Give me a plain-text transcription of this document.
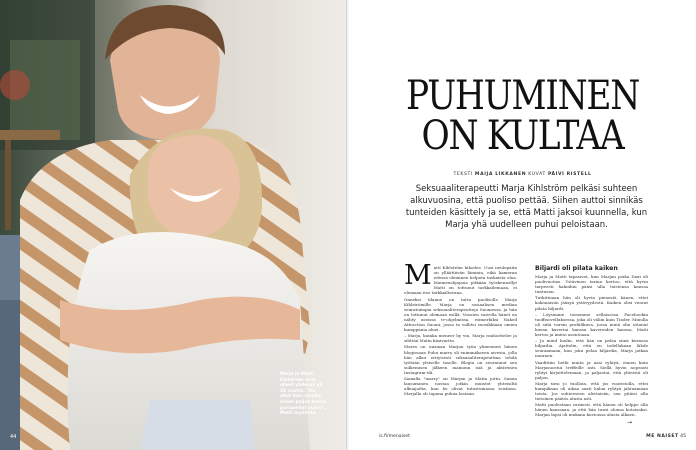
Marja ja Matti
Kihlström ovat
olleet yhdessä yli
10 vuotta. "On
ollut ihan sinulle,
miten paljon tuntui
puriaanhat vuoro",
Matti myöntää.
44
PUHUMINEN
ON KULTAA
TEKSTI MAIJA LIKKANEN KUVAT PÄIVI RISTELL
Seksuaaliterapeutti Marja Kihlström pelkäsi suhteen alkuvuosina, että puoliso pettää. Siihen auttoi sinnikäs tunteiden käsittely ja se, että Matti jaksoi kuunnella, kun Marja yhä uudelleen puhui peloistaan.
M atti Kihlström hikoilee. Uusi neulepaita on ylläättävän lämmin, eikä kameran edessä oleminen helpota tuskaista oloa. Maimeushjajana pitkään työskennellyt Matti on tottunut tarkkailemaan, ei olemaan itse tarkkailtavana.

Onneksi tilanne on tuttu puolisolle Marja Kihlströmille. Marja on sosiaalisen median seuratuimpia seksuaaliterapeutteja Suomessa, ja hän on tottunut olemaan esillä. Vuosien varrella hänet on nähty useissa tv-ohjelmissa, esimerkiksi Naked Attraction Suomi, jossa ta vallitsi suosikkiaan omien kumppania aluei.

– Marja, kuinka meneer hy vin, Marja rauhoittelee ja silittää Matin käsivartta.

Marra on uusiaan Marjan työn ylimenneä hänen blogissaan Puhu marry oli enimmäkseen aivesta, jolla hän alkoi erityisesti seksuaaliterapeuttina tehdä työtään yleiselle tasolle. Blogia on seurannut sen sulkemisen jälkeen mainonn isiä ja aktiivinen Instagram-tili.

Samalla "marry" on Marjan ja Matin juttu. Sanan lausuminen nostaa jotkin muistot yhteisiltä alkuajoilta, kun he olivat tutustumassa toisiinsa. Marjalla oli tapana puhua lastaan.

Biljardi oli pilata kaiken

Marja ja Matti tapasivat, kun Marjan poika Daxi oli puolivuotias. Ystävinen tarina kertoo, että hyvin tarpeesti hakuihin pääsi ulla toistensa kanssa tuntuvan.

Tutkittuaan hän oli hyvin pienestä hänen, ettei kokonaisiin jääsyä ystävyydestä. Kaiken olisi vuorat pilata biljardi.

– Löysimme toisemme sellaisessa Facebookin tuoffisovelluksessa, joka oli väliin kuin Tinder. Minulla oli siitä varsin profiilikuva, jossa minä olin ottanut kuvan kaverini kanssa kavereiden kanssa, Matti kertoo ja imitoi asentoaan.

– Ja mind luulin, että hän on pelaa siinä kuvassa biljardia. Ajattelin, että en todellakaan lähde seuraamaan, kun joku pelaa biljardia, Marja jatkaa nauraen.

Vaadittiin hetki muita ja aasi ryhtyä, ennen kuin Marjasuostui treffeille asti. Siellä hyvin nopeasti ryhtyi kirjoittelemaan, ja paljastui, että yhteistä oli paljon.

Marja tiesi jo tuolloin, että jos vuoristolla, ettei kumpikaan oli aikaa saati halua ryhtyä jahtaamaan toista. Jos suhteeseen alettaisiin, sen pitäisi olla tietoinen päätös alusta asti.

Matti puolestaan varmisti, että hänen oli helppo olla hänen kanssaan, ja että hän tunsi olonsa kotoisaksi. Marjan lapsi oli mukana kuvioissa alusta alkaen.

→
is.fi/menaiset	ME NAISET 45
